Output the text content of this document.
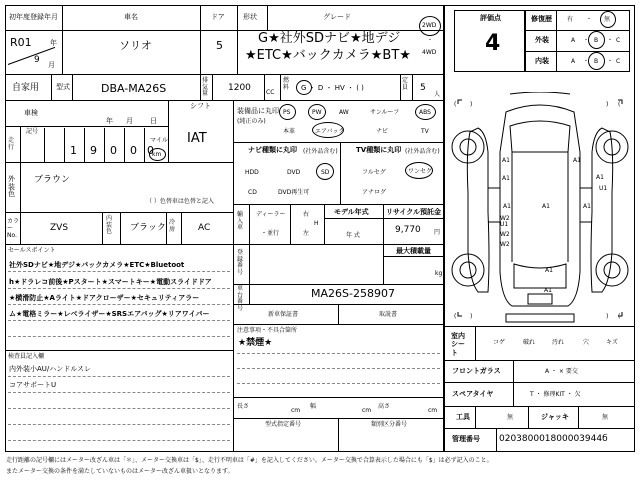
初年度登録年月	車名	ドア	形状	グレード
R01	年
9 月
ソリオ	5	G★社外SDナビ★地デジ
★ETC★バックカメラ★BT★
2WD
・
4WD
自家用 型式	DBA-MA26S
排気量
1200	CC
燃料 G ・ D ・ HV ・ ( )
定員 5
人
車検
年 月 日
シフト
IAT
記号
走行	1 9 0 0 0
マイル
km
外装色
ブラウン
（ ）色替車は色替と記入
カラーNo.
ZVS
内装色	ブラック
冷房	AC
セールスポイント
社外SDナビ★地デジ★バックカメラ★ETC★Bluetoot
h★ドラレコ前後★Pスタート★スマートキー★電動スライドドア
★横滑防止★Aライト★ドアクローザー★セキュリティアラー
ム★電格ミラー★レベライザー★SRSエアバッグ★リアワイパー
検査員記入欄
内外装小AU/ハンドルスレ
コアサポートU
装備品に丸印
(純正のみ)
PS	PW	AW	サンルーフ	ABS
本革	エアバック	ナビ	TV
ナビ種類に丸印 (社外品含む)
HDD	DVD	SD
CD	DVD再生可
TV種類に丸印 (社外品含む)
フルセグ	ワンセグ
アナログ
輸入車
ディーラー
・並行
右
H
左
モデル年式
年 式
リサイクル預託金
9,770 円
登録番号
最大積載量
kg
車台番号
MA26S-258907
新車保証書	取説書
注意事項・不具合箇所
★禁煙★
長さ
cm
幅
cm
高さ
cm
型式指定番号	類別区分番号
評価点
4
修復歴	有 ・ 無
外装	A ・ B ・ C
内装	A ・ B ・ C
( )	(
)
( )	(
)
A1
A1
A1
A1
U1
A1	A1	A1
W2
U1
W2
W2
A1
A1
室内シート
コゲ	破れ	汚れ	穴	キズ
フロントガラス	A ・ × 要交
スペアタイヤ	T ・ 修理KIT ・ 欠
工具	無	ジャッキ	無
管理番号 020380001800003944б
走行距離の記号欄にはメーター改ざん車は「＊」、メーター交換車は「$」、走行不明車は「#」を記入してください。メーター交換で合算表示した場合にも「$」は必ず記入のこと。
またメーター交換の条件を満たしていないものはメーター改ざん車扱いとなります。
